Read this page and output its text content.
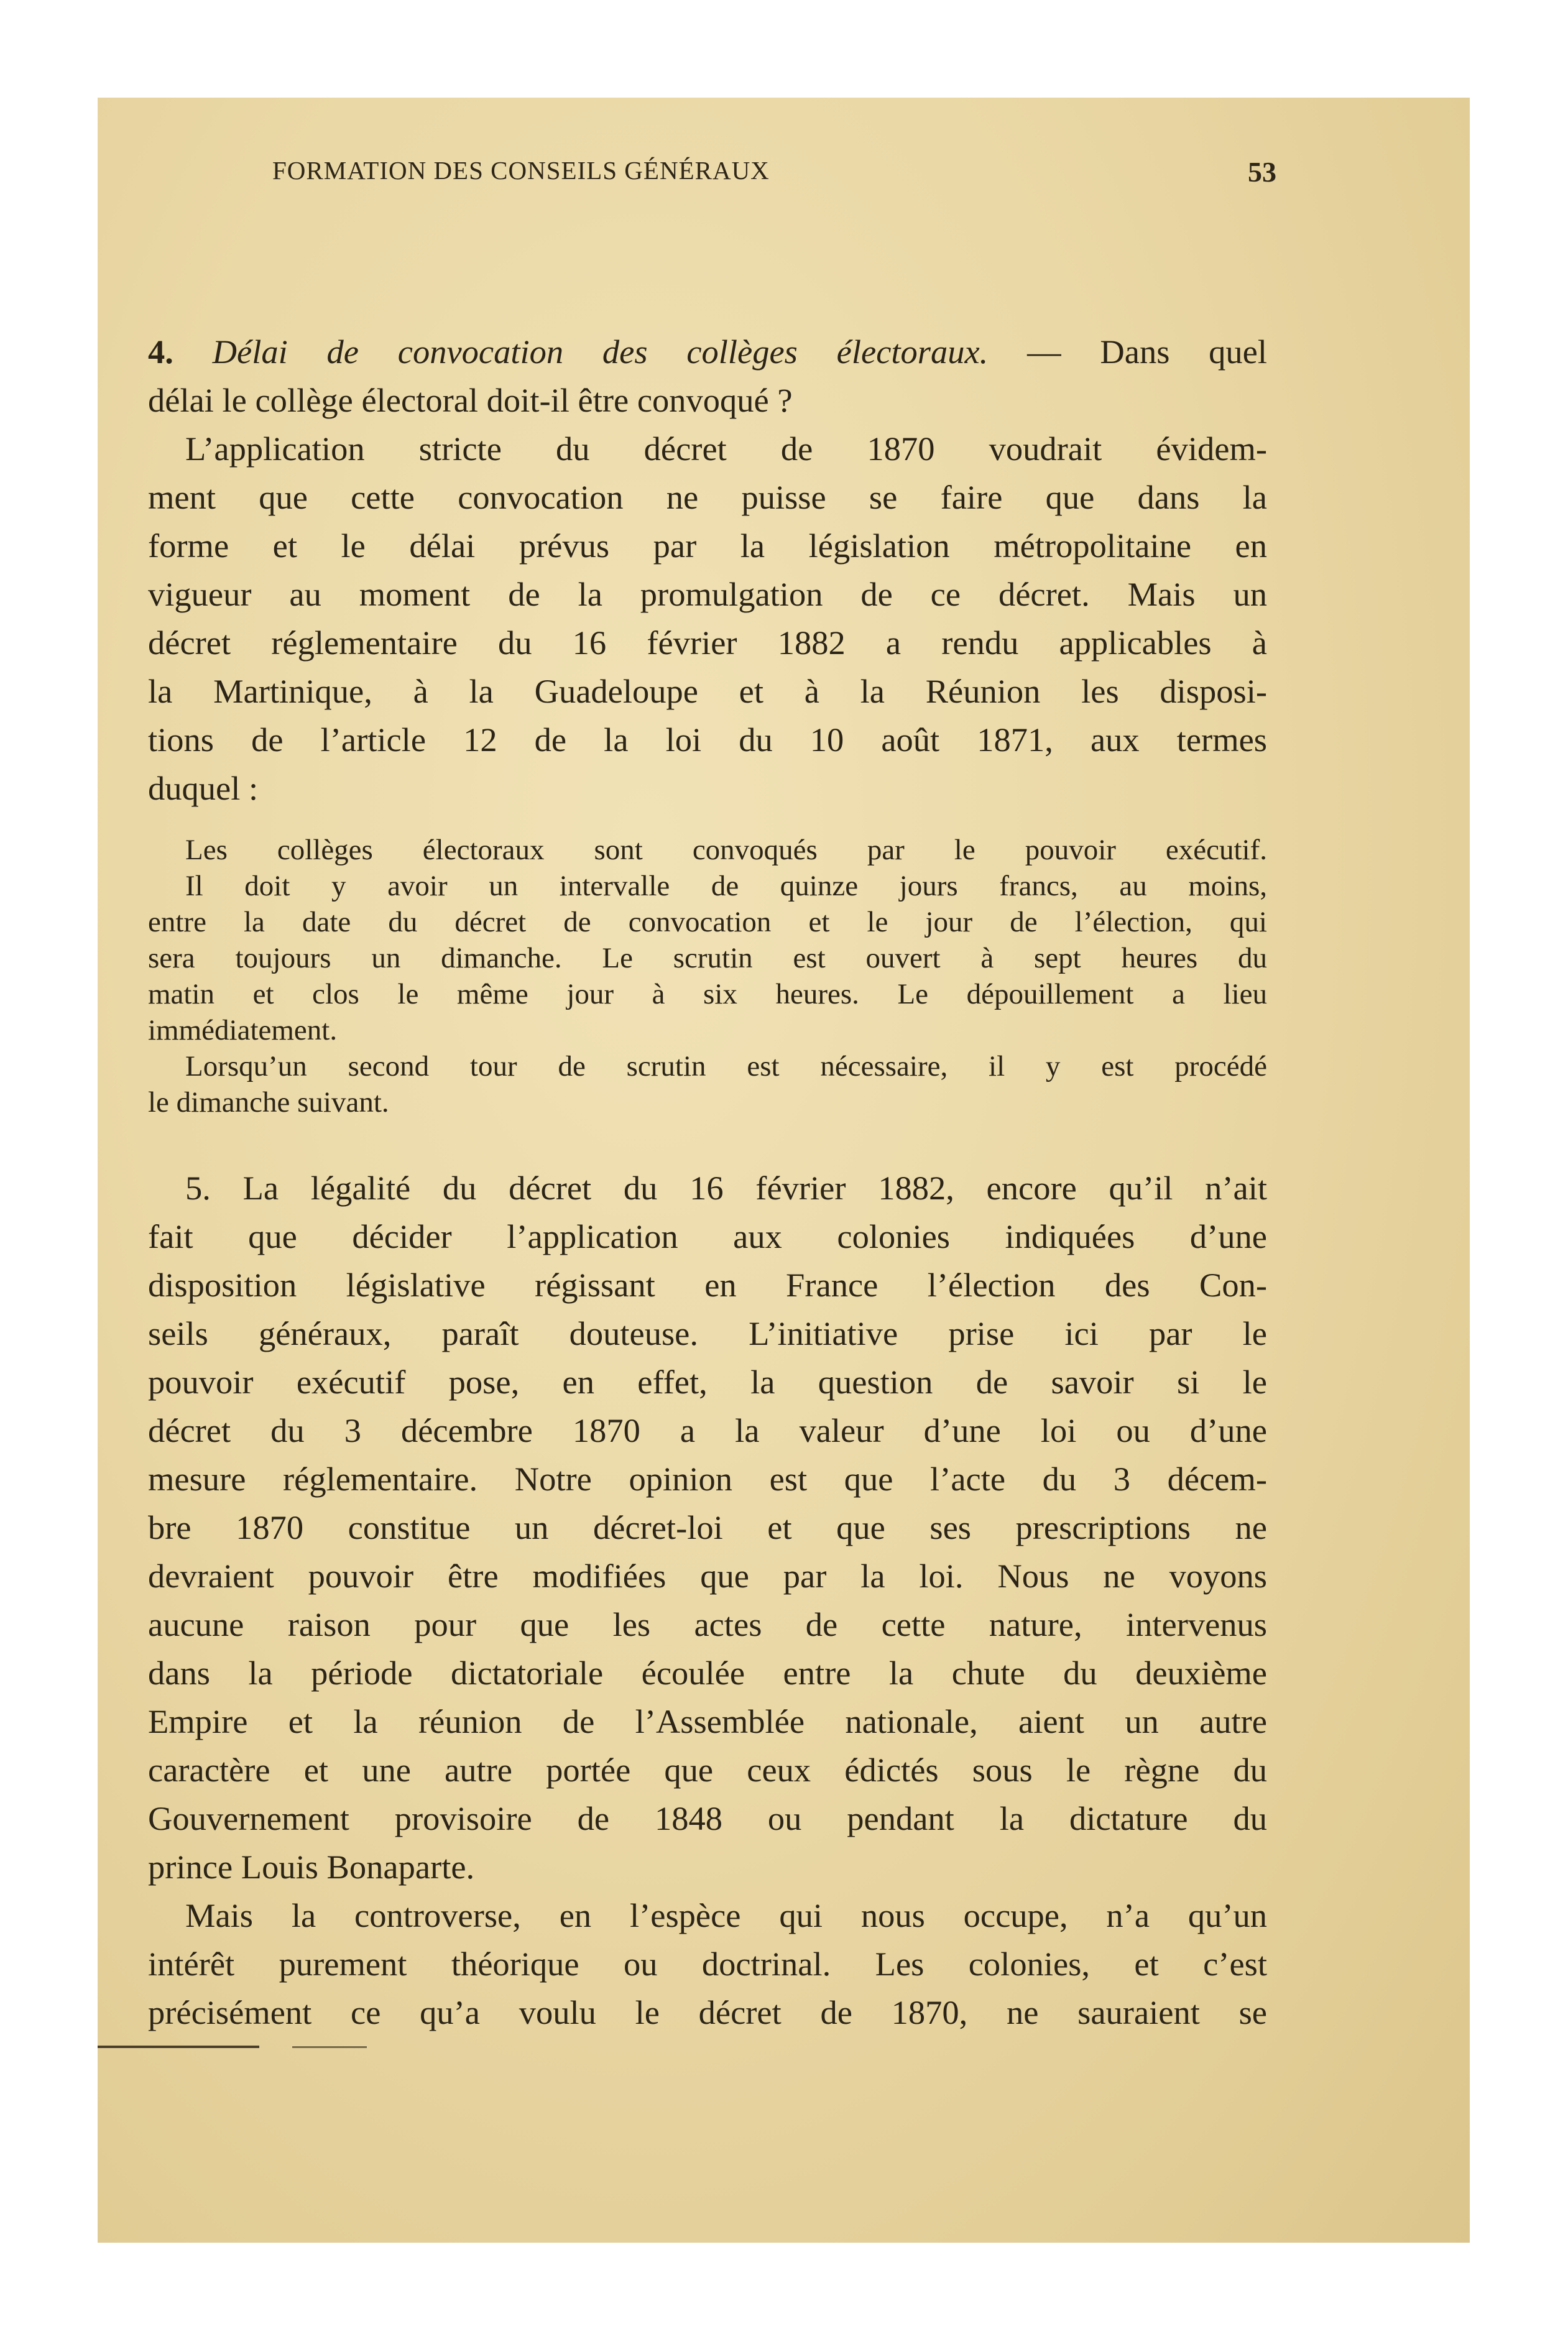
FORMATION DES CONSEILS GÉNÉRAUX	53
4. Délai de convocation des collèges électoraux. — Dans quel
délai le collège électoral doit-il être convoqué ?
L’application stricte du décret de 1870 voudrait évidem-
ment que cette convocation ne puisse se faire que dans la
forme et le délai prévus par la législation métropolitaine en
vigueur au moment de la promulgation de ce décret. Mais un
décret réglementaire du 16 février 1882 a rendu applicables à
la Martinique, à la Guadeloupe et à la Réunion les disposi-
tions de l’article 12 de la loi du 10 août 1871, aux termes
duquel :
Les collèges électoraux sont convoqués par le pouvoir exécutif.
Il doit y avoir un intervalle de quinze jours francs, au moins,
entre la date du décret de convocation et le jour de l’élection, qui
sera toujours un dimanche. Le scrutin est ouvert à sept heures du
matin et clos le même jour à six heures. Le dépouillement a lieu
immédiatement.
Lorsqu’un second tour de scrutin est nécessaire, il y est procédé
le dimanche suivant.
5. La légalité du décret du 16 février 1882, encore qu’il n’ait
fait que décider l’application aux colonies indiquées d’une
disposition législative régissant en France l’élection des Con-
seils généraux, paraît douteuse. L’initiative prise ici par le
pouvoir exécutif pose, en effet, la question de savoir si le
décret du 3 décembre 1870 a la valeur d’une loi ou d’une
mesure réglementaire. Notre opinion est que l’acte du 3 décem-
bre 1870 constitue un décret-loi et que ses prescriptions ne
devraient pouvoir être modifiées que par la loi. Nous ne voyons
aucune raison pour que les actes de cette nature, intervenus
dans la période dictatoriale écoulée entre la chute du deuxième
Empire et la réunion de l’Assemblée nationale, aient un autre
caractère et une autre portée que ceux édictés sous le règne du
Gouvernement provisoire de 1848 ou pendant la dictature du
prince Louis Bonaparte.
Mais la controverse, en l’espèce qui nous occupe, n’a qu’un
intérêt purement théorique ou doctrinal. Les colonies, et c’est
précisément ce qu’a voulu le décret de 1870, ne sauraient se
